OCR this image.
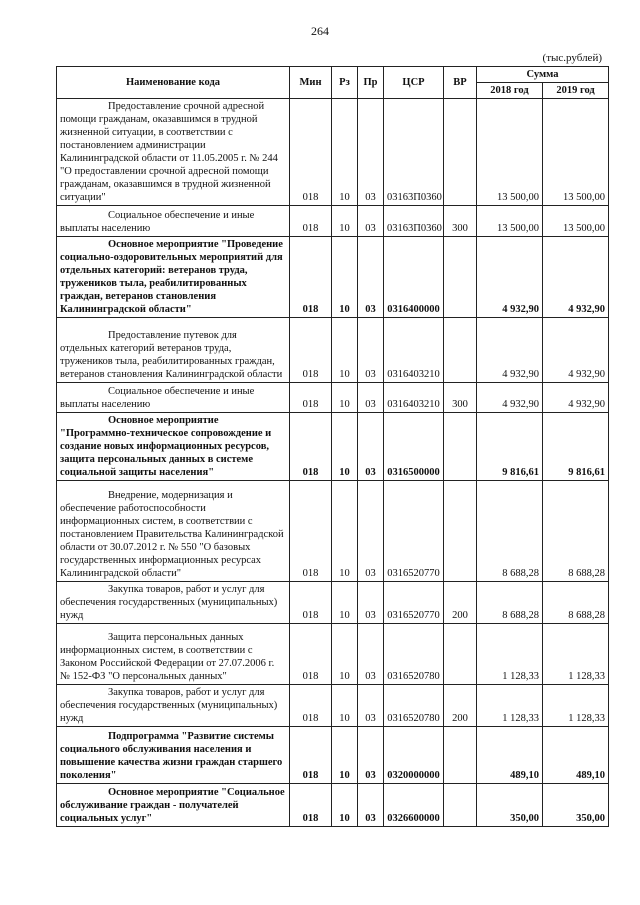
264
(тыс.рублей)
Наименование кода	Мин	Рз	Пр	ЦСР	ВР	Сумма	
						2018 год	2019 год

Предоставление срочной адресной помощи гражданам, оказавшимся в трудной жизненной ситуации, в соответствии с постановлением администрации Калининградской области от 11.05.2005 г. № 244 "О предоставлении срочной адресной помощи гражданам, оказавшимся в трудной жизненной ситуации"	018	10	03	03163П0360		13 500,00	13 500,00

Социальное обеспечение и иные выплаты населению	018	10	03	03163П0360	300	13 500,00	13 500,00

Основное мероприятие "Проведение социально-оздоровительных мероприятий для отдельных категорий: ветеранов труда, тружеников тыла, реабилитированных граждан, ветеранов становления Калининградской области"	018	10	03	0316400000		4 932,90	4 932,90

Предоставление путевок для отдельных категорий ветеранов труда, тружеников тыла, реабилитированных граждан, ветеранов становления Калининградской области	018	10	03	0316403210		4 932,90	4 932,90

Социальное обеспечение и иные выплаты населению	018	10	03	0316403210	300	4 932,90	4 932,90

Основное мероприятие "Программно-техническое сопровождение и создание новых информационных ресурсов, защита персональных данных в системе социальной защиты населения"	018	10	03	0316500000		9 816,61	9 816,61

Внедрение, модернизация и обеспечение работоспособности информационных систем, в соответствии с постановлением Правительства Калининградской области от 30.07.2012 г. № 550 "О базовых государственных информационных ресурсах Калининградской области"	018	10	03	0316520770		8 688,28	8 688,28

Закупка товаров, работ и услуг для обеспечения государственных (муниципальных) нужд	018	10	03	0316520770	200	8 688,28	8 688,28

Защита персональных данных информационных систем, в соответствии с Законом Российской Федерации от 27.07.2006 г. № 152-ФЗ "О персональных данных"	018	10	03	0316520780		1 128,33	1 128,33

Закупка товаров, работ и услуг для обеспечения государственных (муниципальных) нужд	018	10	03	0316520780	200	1 128,33	1 128,33

Подпрограмма "Развитие системы социального обслуживания населения и повышение качества жизни граждан старшего поколения"	018	10	03	0320000000		489,10	489,10

Основное мероприятие "Социальное обслуживание граждан - получателей социальных услуг"	018	10	03	0326600000		350,00	350,00
